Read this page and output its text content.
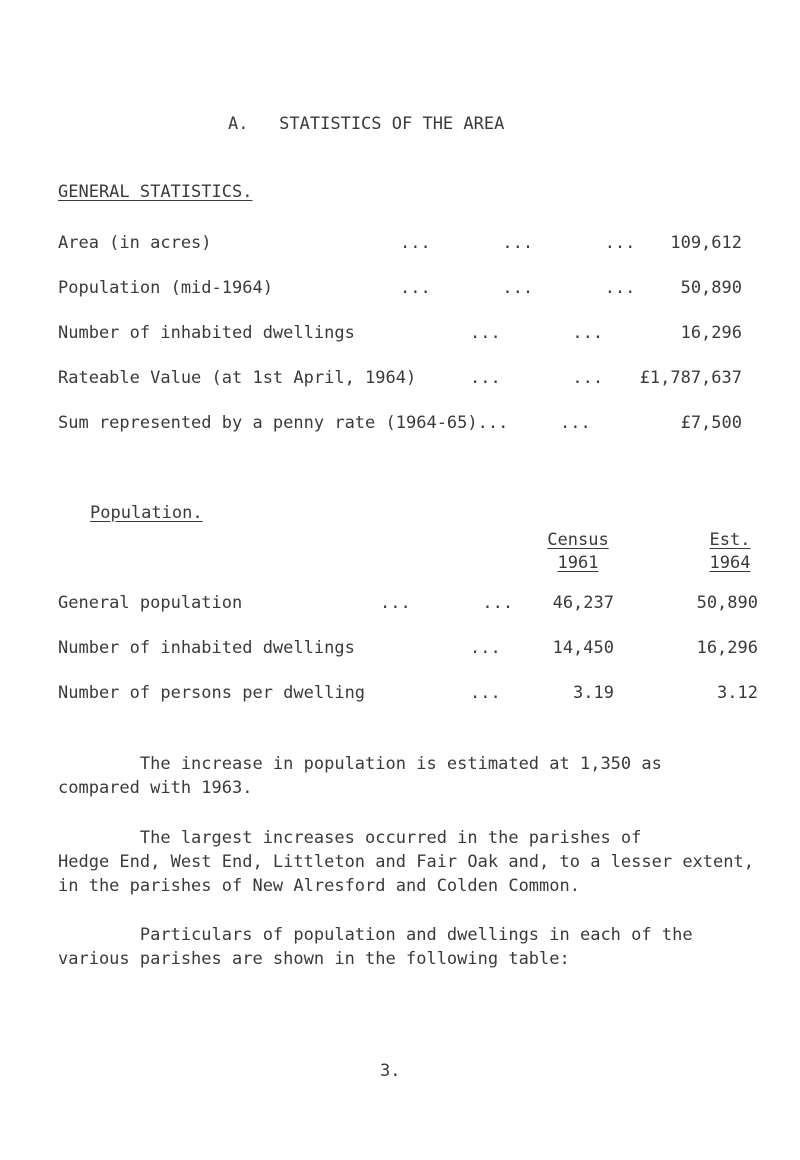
A.   STATISTICS OF THE AREA
GENERAL STATISTICS.
Area (in acres)	...       ...       ... 109,612
Population (mid-1964)	...       ...       ...	50,890
Number of inhabited dwellings	...       ...	16,296
Rateable Value (at 1st April, 1964)	...       ... £1,787,637
Sum represented by a penny rate (1964-65)...	...	£7,500
Population.
Census
1961
Est.
1964
General population	...       ... 46,237	50,890
Number of inhabited dwellings	...	14,450	16,296
Number of persons per dwelling	...	3.19	3.12
The increase in population is estimated at 1,350 as
compared with 1963.
The largest increases occurred in the parishes of
Hedge End, West End, Littleton and Fair Oak and, to a lesser extent,
in the parishes of New Alresford and Colden Common.
Particulars of population and dwellings in each of the
various parishes are shown in the following table:
3.
